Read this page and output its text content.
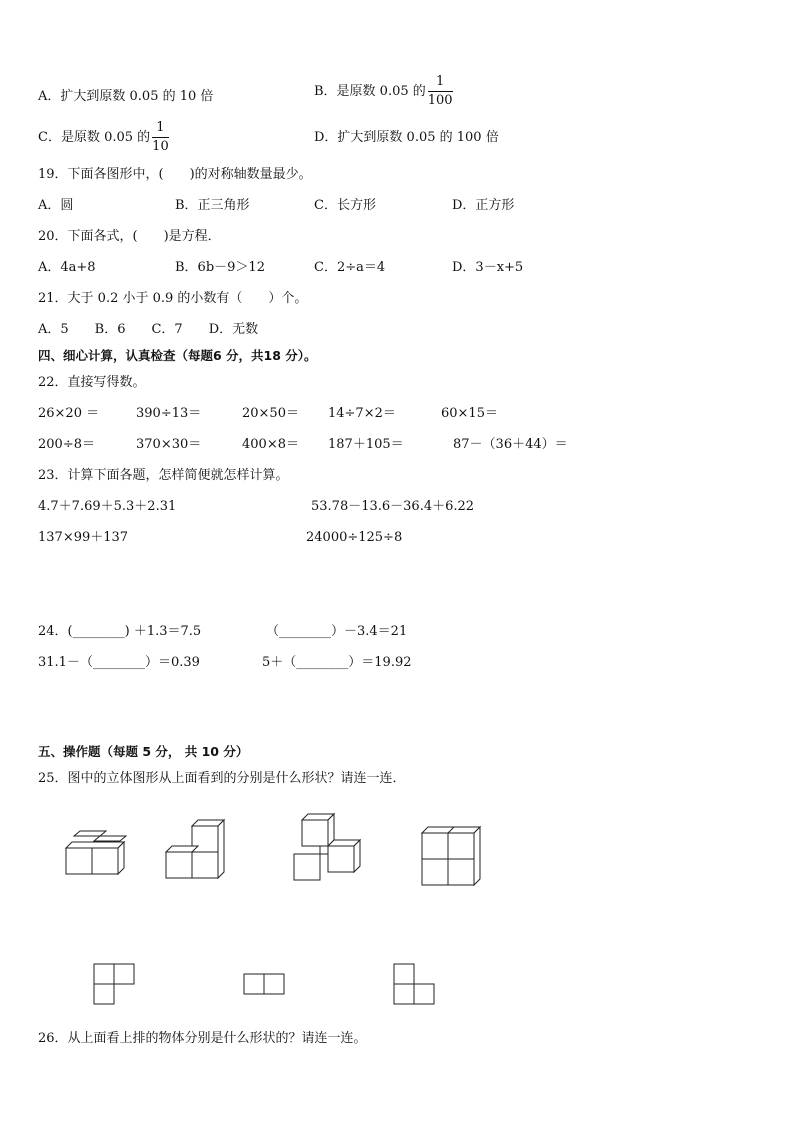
A．扩大到原数 0.05 的 10 倍	B．是原数 0.05 的 $\frac{1}{100}$
C．是原数 0.05 的 $\frac{1}{10}$	D．扩大到原数 0.05 的 100 倍
19．下面各图形中，(　　)的对称轴数量最少。
A．圆	B．正三角形	C．长方形	D．正方形
20．下面各式，(　　)是方程．
A．4a+8	B．6b－9＞12	C．2÷a＝4	D．3－x+5
21．大于 0.2 小于 0.9 的小数有（　　）个。
A．5　　B．6　　C．7　　D．无数
四、细心计算，认真检查（每题6 分，共18 分）。
22．直接写得数。
26×20 ＝	390÷13＝	20×50＝ 14÷7×2＝	60×15＝
200÷8＝	370×30＝	400×8＝ 187＋105＝	87－（36＋44）＝
23．计算下面各题，怎样简便就怎样计算。
4.7＋7.69＋5.3＋2.31	53.78－13.6－36.4＋6.22
137×99＋137	24000÷125÷8
24．(________) ＋1.3＝7.5	（________）－3.4＝21
31.1－（________）＝0.39	5＋（________）＝19.92
五、操作题（每题 5 分， 共 10 分）
25．图中的立体图形从上面看到的分别是什么形状？请连一连．
26．从上面看上排的物体分别是什么形状的？请连一连。
